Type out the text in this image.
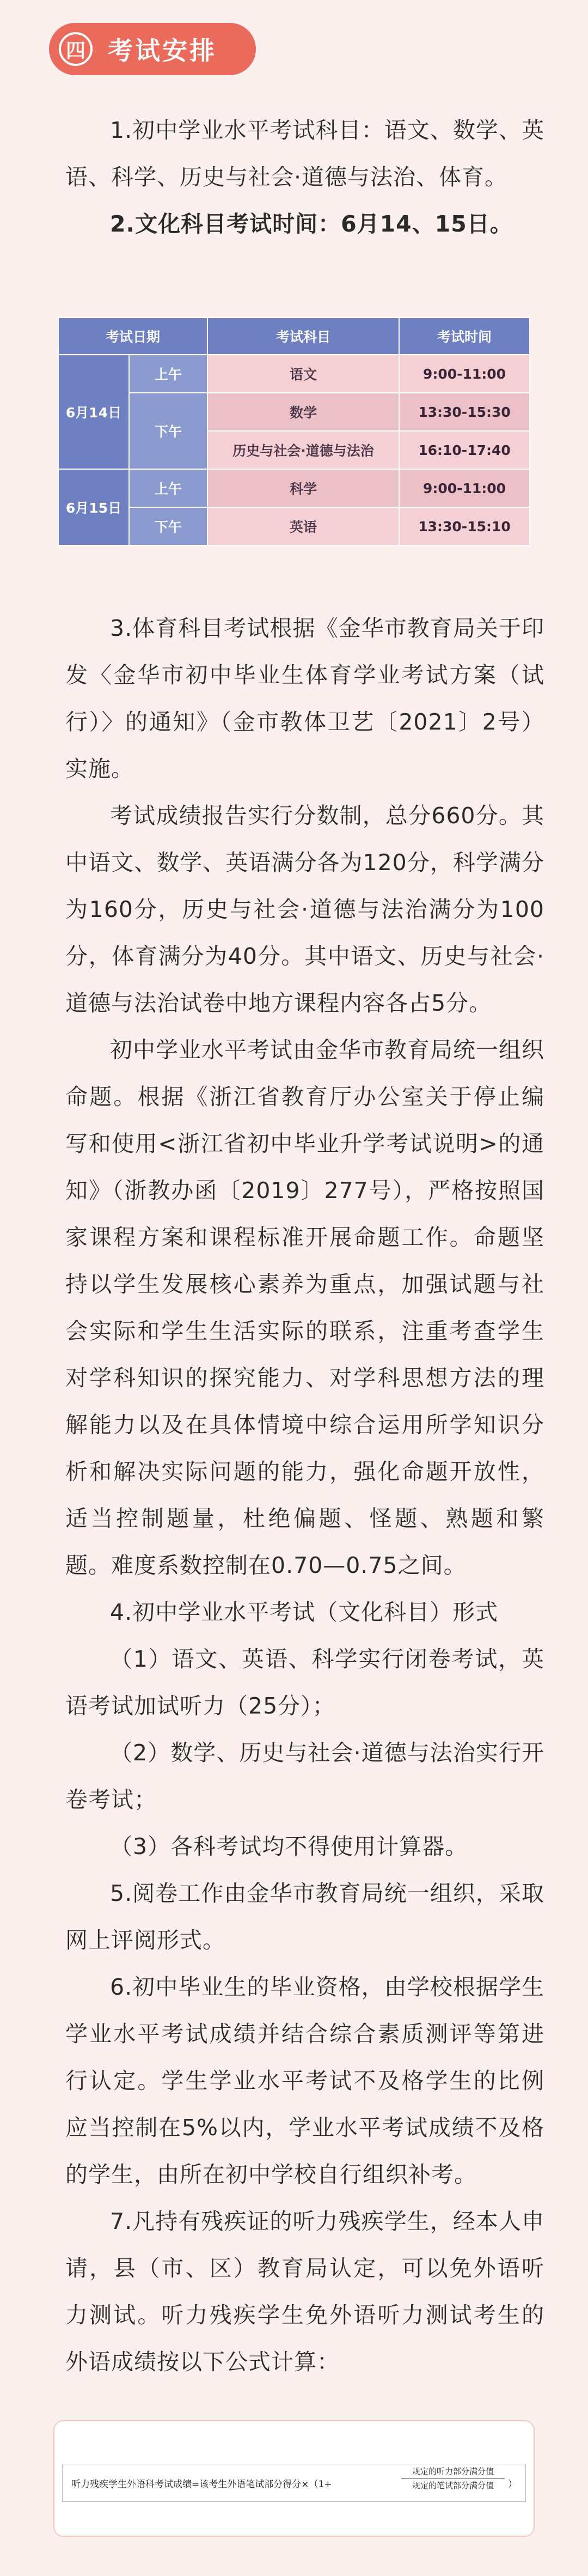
四 考试安排

1.初中学业水平考试科目：语文、数学、英语、科学、历史与社会·道德与法治、体育。

2.文化科目考试时间：6月14、15日。

考试日期		考试科目	考试时间
6月14日	上午	语文	9:00-11:00
	下午	数学	13:30-15:30
		历史与社会·道德与法治	16:10-17:40
6月15日	上午	科学	9:00-11:00
	下午	英语	13:30-15:10

3.体育科目考试根据《金华市教育局关于印发〈金华市初中毕业生体育学业考试方案（试行）〉的通知》（金市教体卫艺〔2021〕2号）实施。

考试成绩报告实行分数制，总分660分。其中语文、数学、英语满分各为120分，科学满分为160分，历史与社会·道德与法治满分为100分，体育满分为40分。其中语文、历史与社会·道德与法治试卷中地方课程内容各占5分。

初中学业水平考试由金华市教育局统一组织命题。根据《浙江省教育厅办公室关于停止编写和使用<浙江省初中毕业升学考试说明>的通知》（浙教办函〔2019〕277号），严格按照国家课程方案和课程标准开展命题工作。命题坚持以学生发展核心素养为重点，加强试题与社会实际和学生生活实际的联系，注重考查学生对学科知识的探究能力、对学科思想方法的理解能力以及在具体情境中综合运用所学知识分析和解决实际问题的能力，强化命题开放性，适当控制题量，杜绝偏题、怪题、熟题和繁题。难度系数控制在0.70—0.75之间。

4.初中学业水平考试（文化科目）形式

（1）语文、英语、科学实行闭卷考试，英语考试加试听力（25分）；

（2）数学、历史与社会·道德与法治实行开卷考试；

（3）各科考试均不得使用计算器。

5.阅卷工作由金华市教育局统一组织，采取网上评阅形式。

6.初中毕业生的毕业资格，由学校根据学生学业水平考试成绩并结合综合素质测评等第进行认定。学生学业水平考试不及格学生的比例应当控制在5%以内，学业水平考试成绩不及格的学生，由所在初中学校自行组织补考。

7.凡持有残疾证的听力残疾学生，经本人申请，县（市、区）教育局认定，可以免外语听力测试。听力残疾学生免外语听力测试考生的外语成绩按以下公式计算：

听力残疾学生外语科考试成绩=该考生外语笔试部分得分×（1+
规定的听力部分满分值
规定的笔试部分满分值	）
